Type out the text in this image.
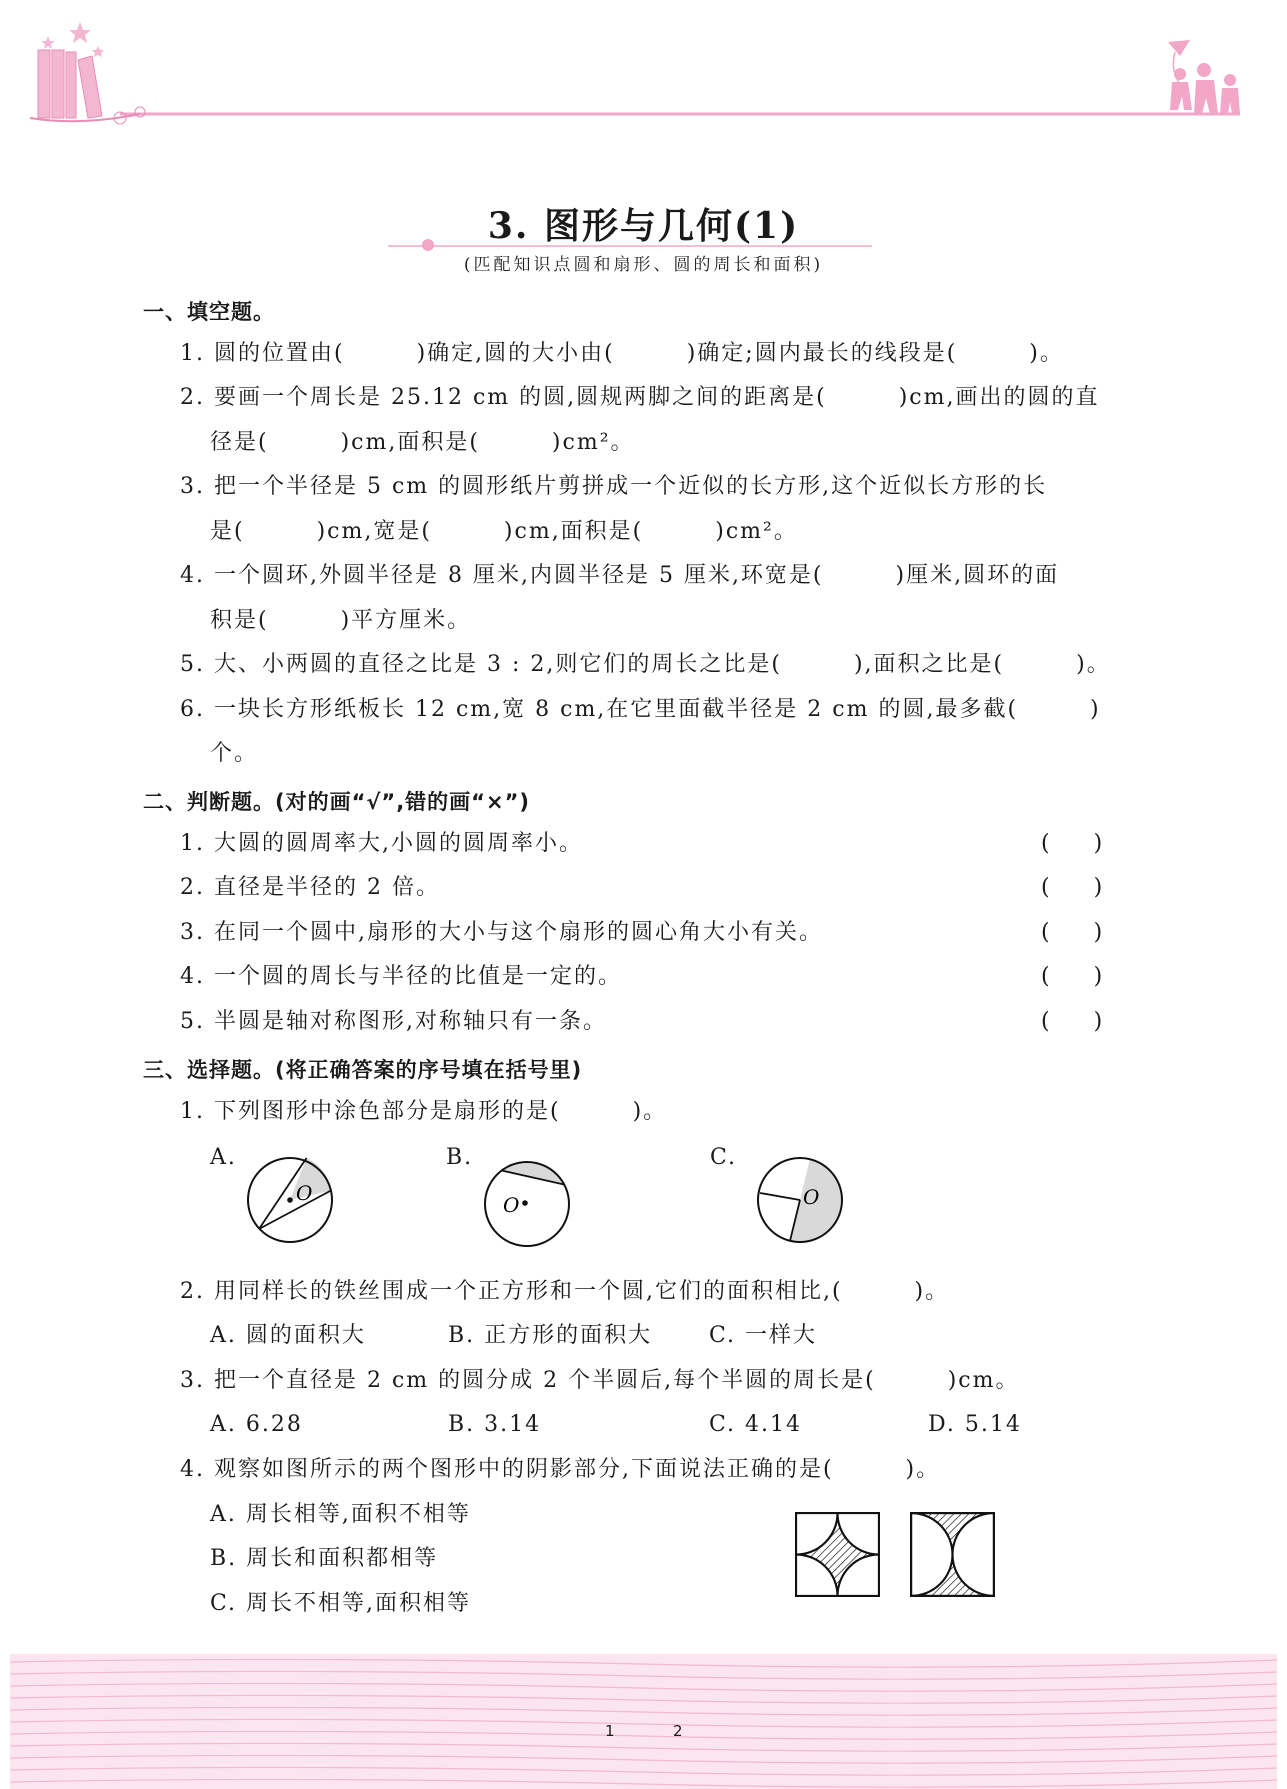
3. 图形与几何(1)
(匹配知识点圆和扇形、圆的周长和面积)
一、填空题。
1. 圆的位置由(　　　)确定,圆的大小由(　　　)确定;圆内最长的线段是(　　　)。
2. 要画一个周长是 25.12 cm 的圆,圆规两脚之间的距离是(　　　)cm,画出的圆的直
径是(　　　)cm,面积是(　　　)cm²。
3. 把一个半径是 5 cm 的圆形纸片剪拼成一个近似的长方形,这个近似长方形的长
是(　　　)cm,宽是(　　　)cm,面积是(　　　)cm²。
4. 一个圆环,外圆半径是 8 厘米,内圆半径是 5 厘米,环宽是(　　　)厘米,圆环的面
积是(　　　)平方厘米。
5. 大、小两圆的直径之比是 3 : 2,则它们的周长之比是(　　　),面积之比是(　　　)。
6. 一块长方形纸板长 12 cm,宽 8 cm,在它里面截半径是 2 cm 的圆,最多截(　　　)
个。
二、判断题。(对的画“√”,错的画“×”)
1. 大圆的圆周率大,小圆的圆周率小。	(　　)
2. 直径是半径的 2 倍。	(　　)
3. 在同一个圆中,扇形的大小与这个扇形的圆心角大小有关。	(　　)
4. 一个圆的周长与半径的比值是一定的。	(　　)
5. 半圆是轴对称图形,对称轴只有一条。	(　　)
三、选择题。(将正确答案的序号填在括号里)
1. 下列图形中涂色部分是扇形的是(　　　)。
A.	B.	C.
O	O	O
2. 用同样长的铁丝围成一个正方形和一个圆,它们的面积相比,(　　　)。
A. 圆的面积大	B. 正方形的面积大	C. 一样大
3. 把一个直径是 2 cm 的圆分成 2 个半圆后,每个半圆的周长是(　　　)cm。
A. 6.28	B. 3.14	C. 4.14	D. 5.14
4. 观察如图所示的两个图形中的阴影部分,下面说法正确的是(　　　)。
A. 周长相等,面积不相等
B. 周长和面积都相等
C. 周长不相等,面积相等
1	2
